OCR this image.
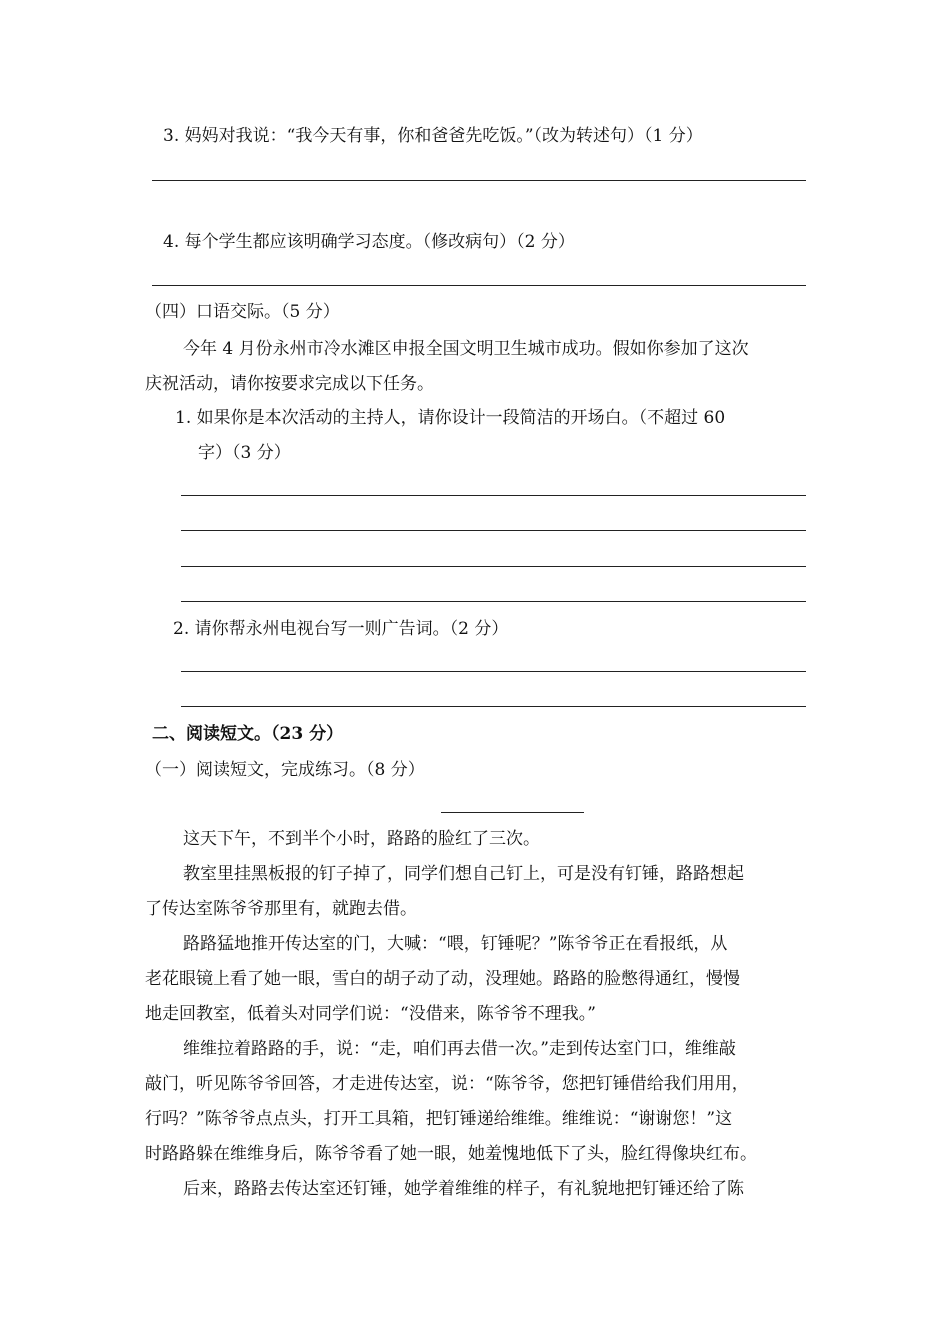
3. 妈妈对我说：“我今天有事，你和爸爸先吃饭。”（改为转述句）（1 分）
4. 每个学生都应该明确学习态度。（修改病句）（2 分）
（四）口语交际。（5 分）
今年 4 月份永州市冷水滩区申报全国文明卫生城市成功。假如你参加了这次
庆祝活动，请你按要求完成以下任务。
1. 如果你是本次活动的主持人，请你设计一段简洁的开场白。（不超过 60
字）（3 分）
2. 请你帮永州电视台写一则广告词。（2 分）
二、阅读短文。（23 分）
（一）阅读短文，完成练习。（8 分）
这天下午，不到半个小时，路路的脸红了三次。
教室里挂黑板报的钉子掉了，同学们想自己钉上，可是没有钉锤，路路想起
了传达室陈爷爷那里有，就跑去借。
路路猛地推开传达室的门，大喊：“喂，钉锤呢？”陈爷爷正在看报纸，从
老花眼镜上看了她一眼，雪白的胡子动了动，没理她。路路的脸憋得通红，慢慢
地走回教室，低着头对同学们说：“没借来，陈爷爷不理我。”
维维拉着路路的手，说：“走，咱们再去借一次。”走到传达室门口，维维敲
敲门，听见陈爷爷回答，才走进传达室，说：“陈爷爷，您把钉锤借给我们用用，
行吗？”陈爷爷点点头，打开工具箱，把钉锤递给维维。维维说：“谢谢您！”这
时路路躲在维维身后，陈爷爷看了她一眼，她羞愧地低下了头，脸红得像块红布。
后来，路路去传达室还钉锤，她学着维维的样子，有礼貌地把钉锤还给了陈
